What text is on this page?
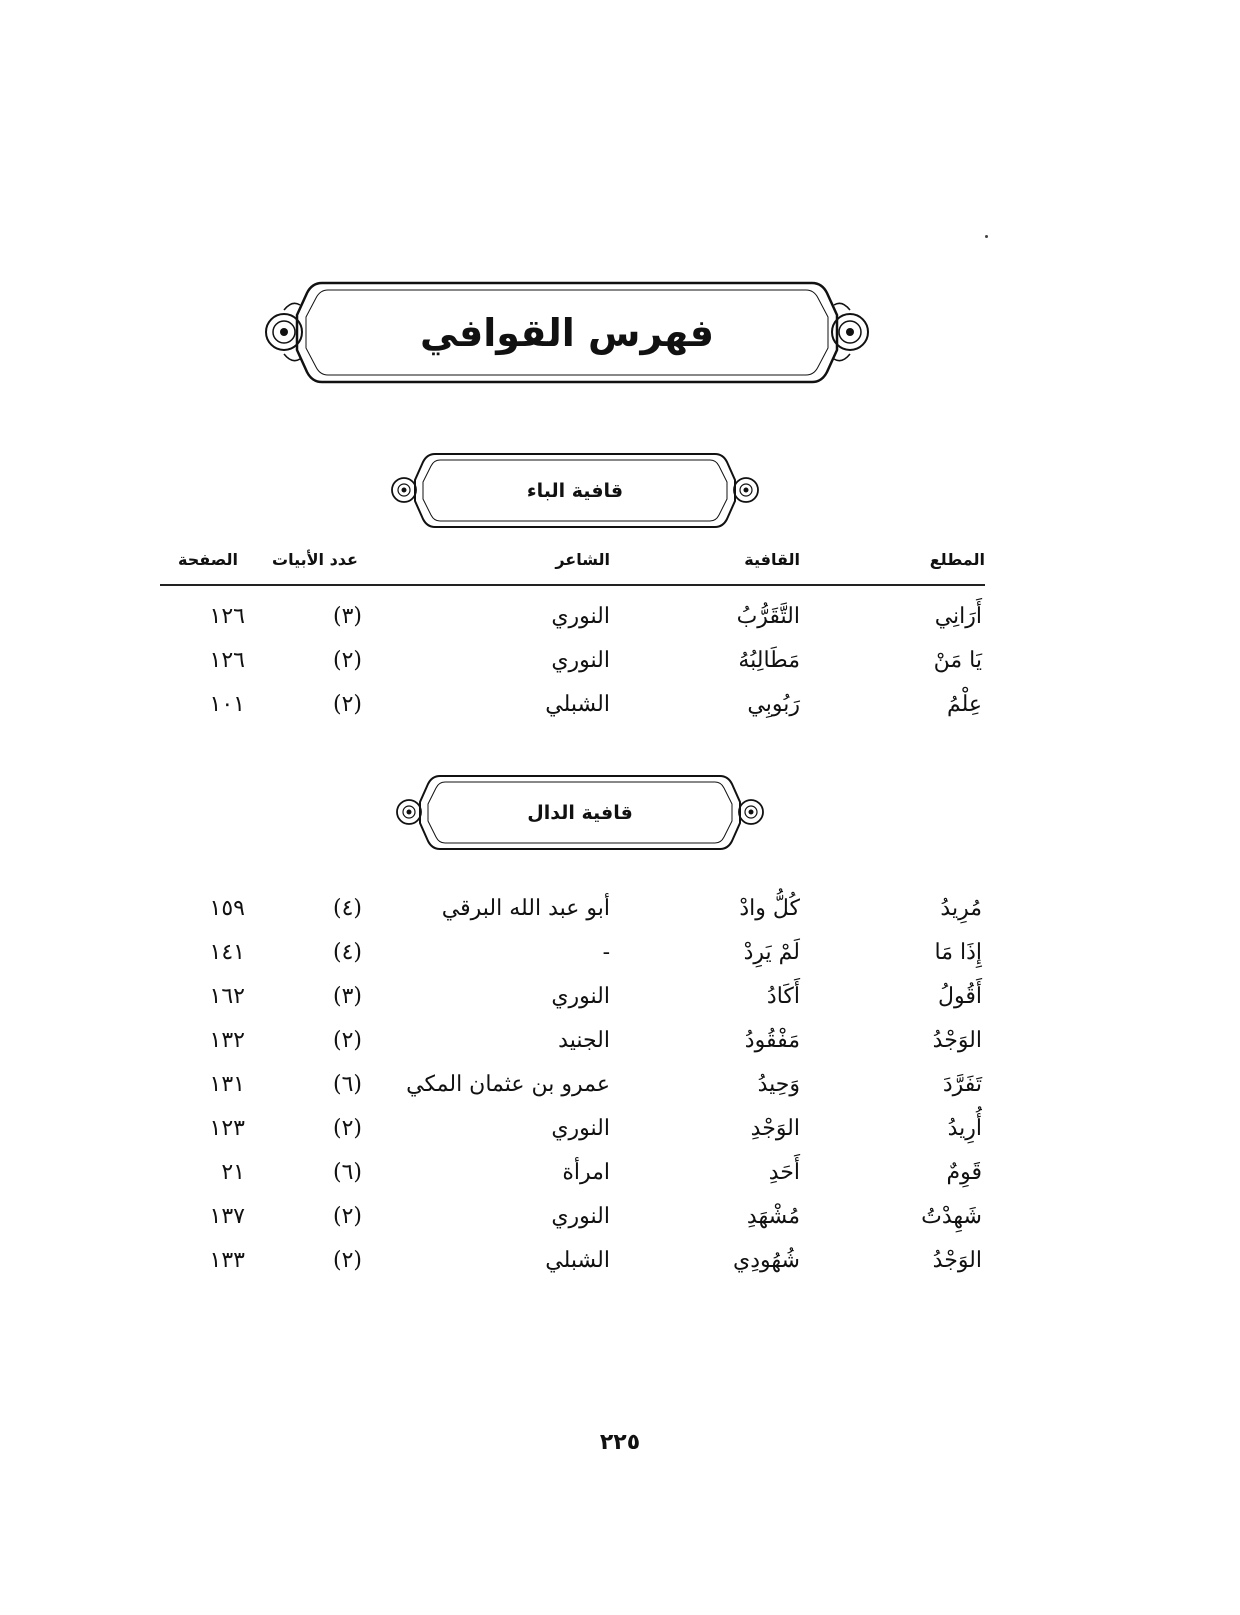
فهرس القوافي
قافية الباء
المطلع
القافية
الشاعر
عدد الأبيات
الصفحة
أَرَانِي
التَّقَرُّبُ
النوري
(٣)
١٢٦
يَا مَنْ
مَطَالِبُهُ
النوري
(٢)
١٢٦
عِلْمُ
رَبُوبِي
الشبلي
(٢)
١٠١
قافية الدال
مُرِيدُ
كُلُّ وادْ
أبو عبد الله البرقي
(٤)
١٥٩
إِذَا مَا
لَمْ يَرِدْ
-
(٤)
١٤١
أَقُولُ
أَكَادُ
النوري
(٣)
١٦٢
الوَجْدُ
مَفْقُودُ
الجنيد
(٢)
١٣٢
تَفَرَّدَ
وَحِيدُ
عمرو بن عثمان المكي
(٦)
١٣١
أُرِيدُ
الوَجْدِ
النوري
(٢)
١٢٣
قَوِمٌ
أَحَدِ
امرأة
(٦)
٢١
شَهِدْتُ
مُشْهَدِ
النوري
(٢)
١٣٧
الوَجْدُ
شُهُودِي
الشبلي
(٢)
١٣٣
٢٢٥
